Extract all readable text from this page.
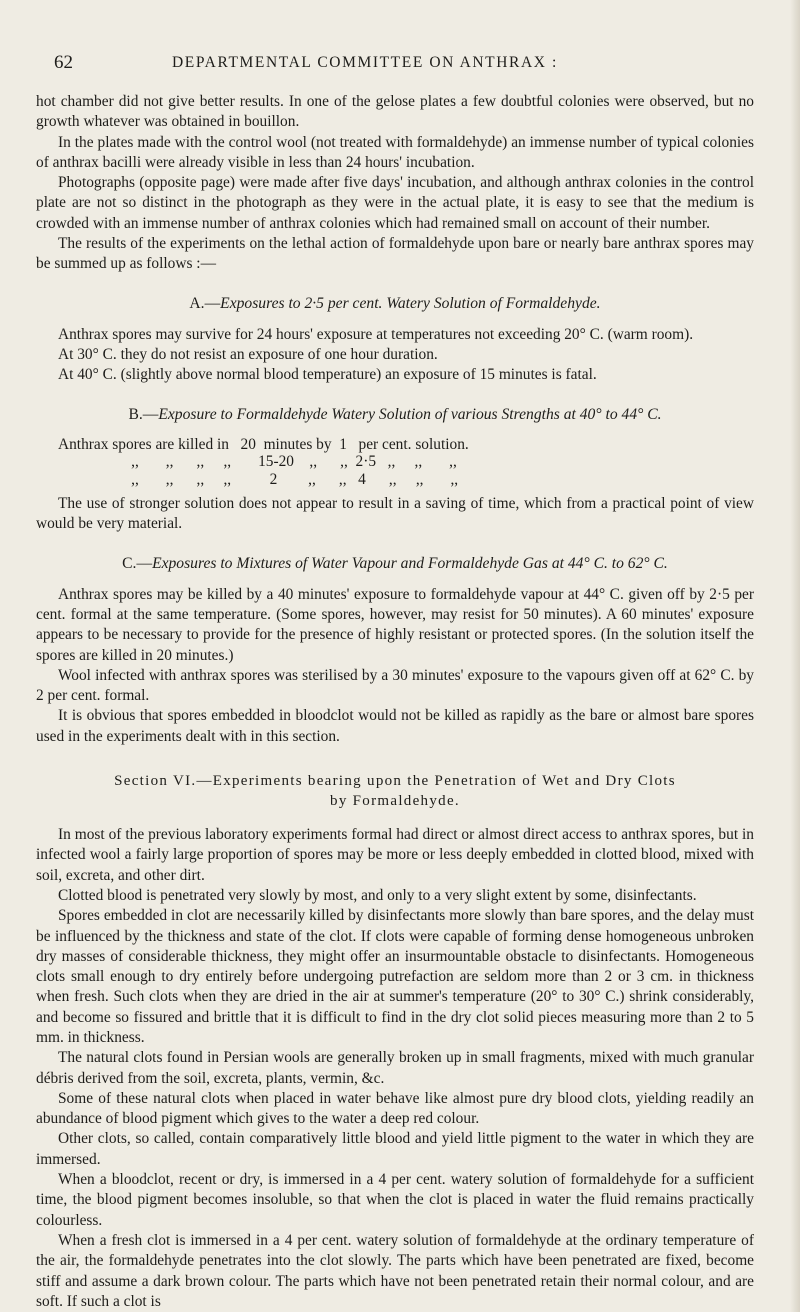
62	DEPARTMENTAL COMMITTEE ON ANTHRAX :

hot chamber did not give better results. In one of the gelose plates a few doubtful colonies were observed, but no growth whatever was obtained in bouillon.

In the plates made with the control wool (not treated with formaldehyde) an immense number of typical colonies of anthrax bacilli were already visible in less than 24 hours' incubation.

Photographs (opposite page) were made after five days' incubation, and although anthrax colonies in the control plate are not so distinct in the photograph as they were in the actual plate, it is easy to see that the medium is crowded with an immense number of anthrax colonies which had remained small on account of their number.

The results of the experiments on the lethal action of formaldehyde upon bare or nearly bare anthrax spores may be summed up as follows :—

A.—Exposures to 2·5 per cent. Watery Solution of Formaldehyde.

Anthrax spores may survive for 24 hours' exposure at temperatures not exceeding 20° C. (warm room).

At 30° C. they do not resist an exposure of one hour duration.

At 40° C. (slightly above normal blood temperature) an exposure of 15 minutes is fatal.

B.—Exposure to Formaldehyde Watery Solution of various Strengths at 40° to 44° C.
Anthrax spores are killed in   20  minutes by  1   per cent. solution.
,,       ,,      ,,     ,,       15-20    ,,      ,,  2·5   ,,     ,,       ,,
,,       ,,      ,,     ,,          2        ,,      ,,   4      ,,     ,,       ,,

The use of stronger solution does not appear to result in a saving of time, which from a practical point of view would be very material.

C.—Exposures to Mixtures of Water Vapour and Formaldehyde Gas at 44° C. to 62° C.

Anthrax spores may be killed by a 40 minutes' exposure to formaldehyde vapour at 44° C. given off by 2·5 per cent. formal at the same temperature. (Some spores, however, may resist for 50 minutes). A 60 minutes' exposure appears to be necessary to provide for the presence of highly resistant or protected spores. (In the solution itself the spores are killed in 20 minutes.)

Wool infected with anthrax spores was sterilised by a 30 minutes' exposure to the vapours given off at 62° C. by 2 per cent. formal.

It is obvious that spores embedded in bloodclot would not be killed as rapidly as the bare or almost bare spores used in the experiments dealt with in this section.

Section VI.—Experiments bearing upon the Penetration of Wet and Dry Clots
by Formaldehyde.

In most of the previous laboratory experiments formal had direct or almost direct access to anthrax spores, but in infected wool a fairly large proportion of spores may be more or less deeply embedded in clotted blood, mixed with soil, excreta, and other dirt.

Clotted blood is penetrated very slowly by most, and only to a very slight extent by some, disinfectants.

Spores embedded in clot are necessarily killed by disinfectants more slowly than bare spores, and the delay must be influenced by the thickness and state of the clot. If clots were capable of forming dense homogeneous unbroken dry masses of considerable thickness, they might offer an insurmountable obstacle to disinfectants. Homogeneous clots small enough to dry entirely before undergoing putrefaction are seldom more than 2 or 3 cm. in thickness when fresh. Such clots when they are dried in the air at summer's temperature (20° to 30° C.) shrink considerably, and become so fissured and brittle that it is difficult to find in the dry clot solid pieces measuring more than 2 to 5 mm. in thickness.

The natural clots found in Persian wools are generally broken up in small fragments, mixed with much granular débris derived from the soil, excreta, plants, vermin, &c.

Some of these natural clots when placed in water behave like almost pure dry blood clots, yielding readily an abundance of blood pigment which gives to the water a deep red colour.

Other clots, so called, contain comparatively little blood and yield little pigment to the water in which they are immersed.

When a bloodclot, recent or dry, is immersed in a 4 per cent. watery solution of formaldehyde for a sufficient time, the blood pigment becomes insoluble, so that when the clot is placed in water the fluid remains practically colourless.

When a fresh clot is immersed in a 4 per cent. watery solution of formaldehyde at the ordinary temperature of the air, the formaldehyde penetrates into the clot slowly. The parts which have been penetrated are fixed, become stiff and assume a dark brown colour. The parts which have not been penetrated retain their normal colour, and are soft. If such a clot is
